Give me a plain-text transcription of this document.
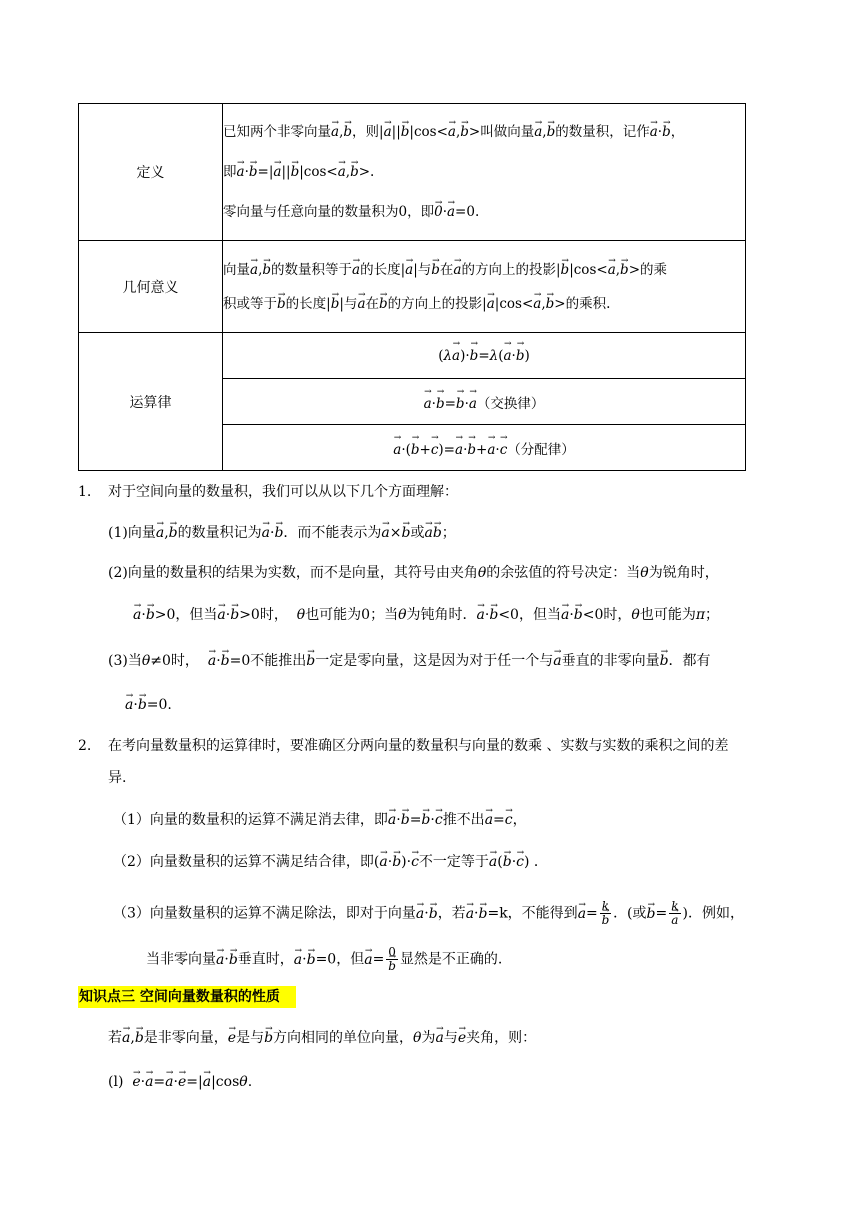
定义	已知两个非零向量→ a,→ b，则|→ a||→ b|cos<→ a,→ b>叫做向量→ a,→ b的数量积，记作→ a·→ b，

即→ a·→ b=|→ a||→ b|cos<→ a,→ b>.

零向量与任意向量的数量积为0，即→ 0·→ a=0.

几何意义	向量→ a,→ b的数量积等于→ a的长度|→ a|与→ b在→ a的方向上的投影|→ b|cos<→ a,→ b>的乘

积或等于→ b的长度|→ b|与→ a在→ b的方向上的投影|→ a|cos<→ a,→ b>的乘积.

运算律	(λ→ a)·→ b=λ(→ a·→ b)
	→ a·→ b=→ b·→ a（交换律）
	→ a·(→ b+→ c)=→ a·→ b+→ a·→ c（分配律）
1. 对于空间向量的数量积，我们可以从以下几个方面理解：
(1)向量→ a,→ b的数量积记为→ a·→ b．而不能表示为→ a×→ b或→ a→ b；
(2)向量的数量积的结果为实数，而不是向量，其符号由夹角θ的余弦值的符号决定：当θ为锐角时，
→ a·→ b>0，但当→ a·→ b>0时，  θ也可能为0；当θ为钝角时．→ a·→ b<0，但当→ a·→ b<0时，θ也可能为π；
(3)当θ≠0时，  → a·→ b=0不能推出→ b一定是零向量，这是因为对于任一个与→ a垂直的非零向量→ b．都有
→ a·→ b=0.
2. 在考向量数量积的运算律时，要准确区分两向量的数量积与向量的数乘 、实数与实数的乘积之间的差
异.
（1）向量的数量积的运算不满足消去律，即→ a·→ b=→ b·→ c推不出→ a=→ c，
（2）向量数量积的运算不满足结合律，即(→ a·→ b)·→ c不一定等于→ a(→ b·→ c) ．
（3）向量数量积的运算不满足除法，即对于向量→ a·→ b，若→ a·→ b=k，不能得到→ a= k
→ b ．(或→ b= k
→ a )．例如，
当非零向量→ a·→ b垂直时，→ a·→ b=0，但→ a= 0
→ b 显然是不正确的.
知识点三 空间向量数量积的性质
若→ a,→ b是非零向量，→ e是与→ b方向相同的单位向量，θ为→ a与→ e夹角，则：
(l)  → e·→ a=→ a·→ e=|→ a|cosθ.
